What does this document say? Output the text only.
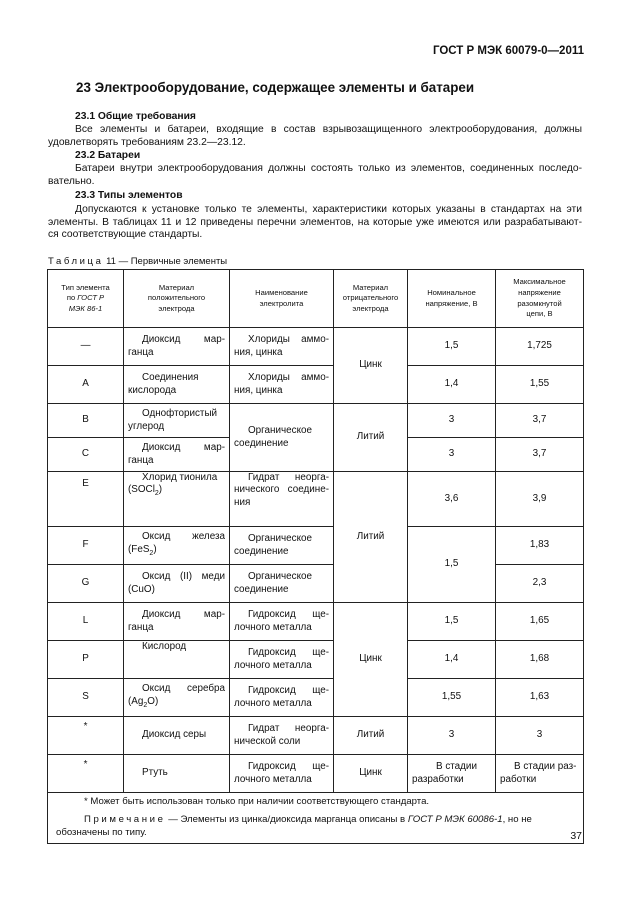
ГОСТ Р МЭК 60079-0—2011
23 Электрооборудование, содержащее элементы и батареи
23.1 Общие требования
Все элементы и батареи, входящие в состав взрывозащищенного электрооборудования, должны
удовлетворять требованиям 23.2—23.12.
23.2 Батареи
Батареи внутри электрооборудования должны состоять только из элементов, соединенных последо-
вательно.
23.3 Типы элементов
Допускаются к установке только те элементы, характеристики которых указаны в стандартах на эти
элементы. В таблицах 11 и 12 приведены перечни элементов, на которые уже имеются или разрабатывают-
ся соответствующие стандарты.
Таблица 11 — Первичные элементы
Тип элемента
по ГОСТ Р
МЭК 86-1	Материал
положительного
электрода	Наименование
электролита	Материал
отрицательного
электрода	Номинальное
напряжение, В	Максимальное
напряжение
разомкнутой
цепи, В
—	Диоксид мар-
ганца	Хлориды аммо-
ния, цинка	Цинк	1,5	1,725
A	Соединения
кислорода	Хлориды аммо-
ния, цинка		1,4	1,55
B	Однофтористый
углерод	Органическое
соединение	Литий	3	3,7
C	Диоксид мар-
ганца			3	3,7
E	Хлорид тионила
(SOCl$_2$)	Гидрат неорга-
нического соедине-
ния	Литий	3,6	3,9
F	Оксид железа
(FeS$_2$)	Органическое
соединение		1,5	1,83
G	Оксид (II) меди
(CuO)	Органическое
соединение			2,3
L	Диоксид мар-
ганца	Гидроксид ще-
лочного металла	Цинк	1,5	1,65
P	Кислород	Гидроксид ще-
лочного металла		1,4	1,68
S	Оксид серебра
$(Ag_2O)$	Гидроксид ще-
лочного металла		1,55	1,63
*	Диоксид серы	Гидрат неорга-
нической соли	Литий	3	3
*	Ртуть	Гидроксид ще-
лочного металла	Цинк	В стадии
разработки	В стадии раз-
работки

* Может быть использован только при наличии соответствующего стандарта.
Примечание — Элементы из цинка/диоксида марганца описаны в ГОСТ Р МЭК 60086-1, но не
обозначены по типу.						37
